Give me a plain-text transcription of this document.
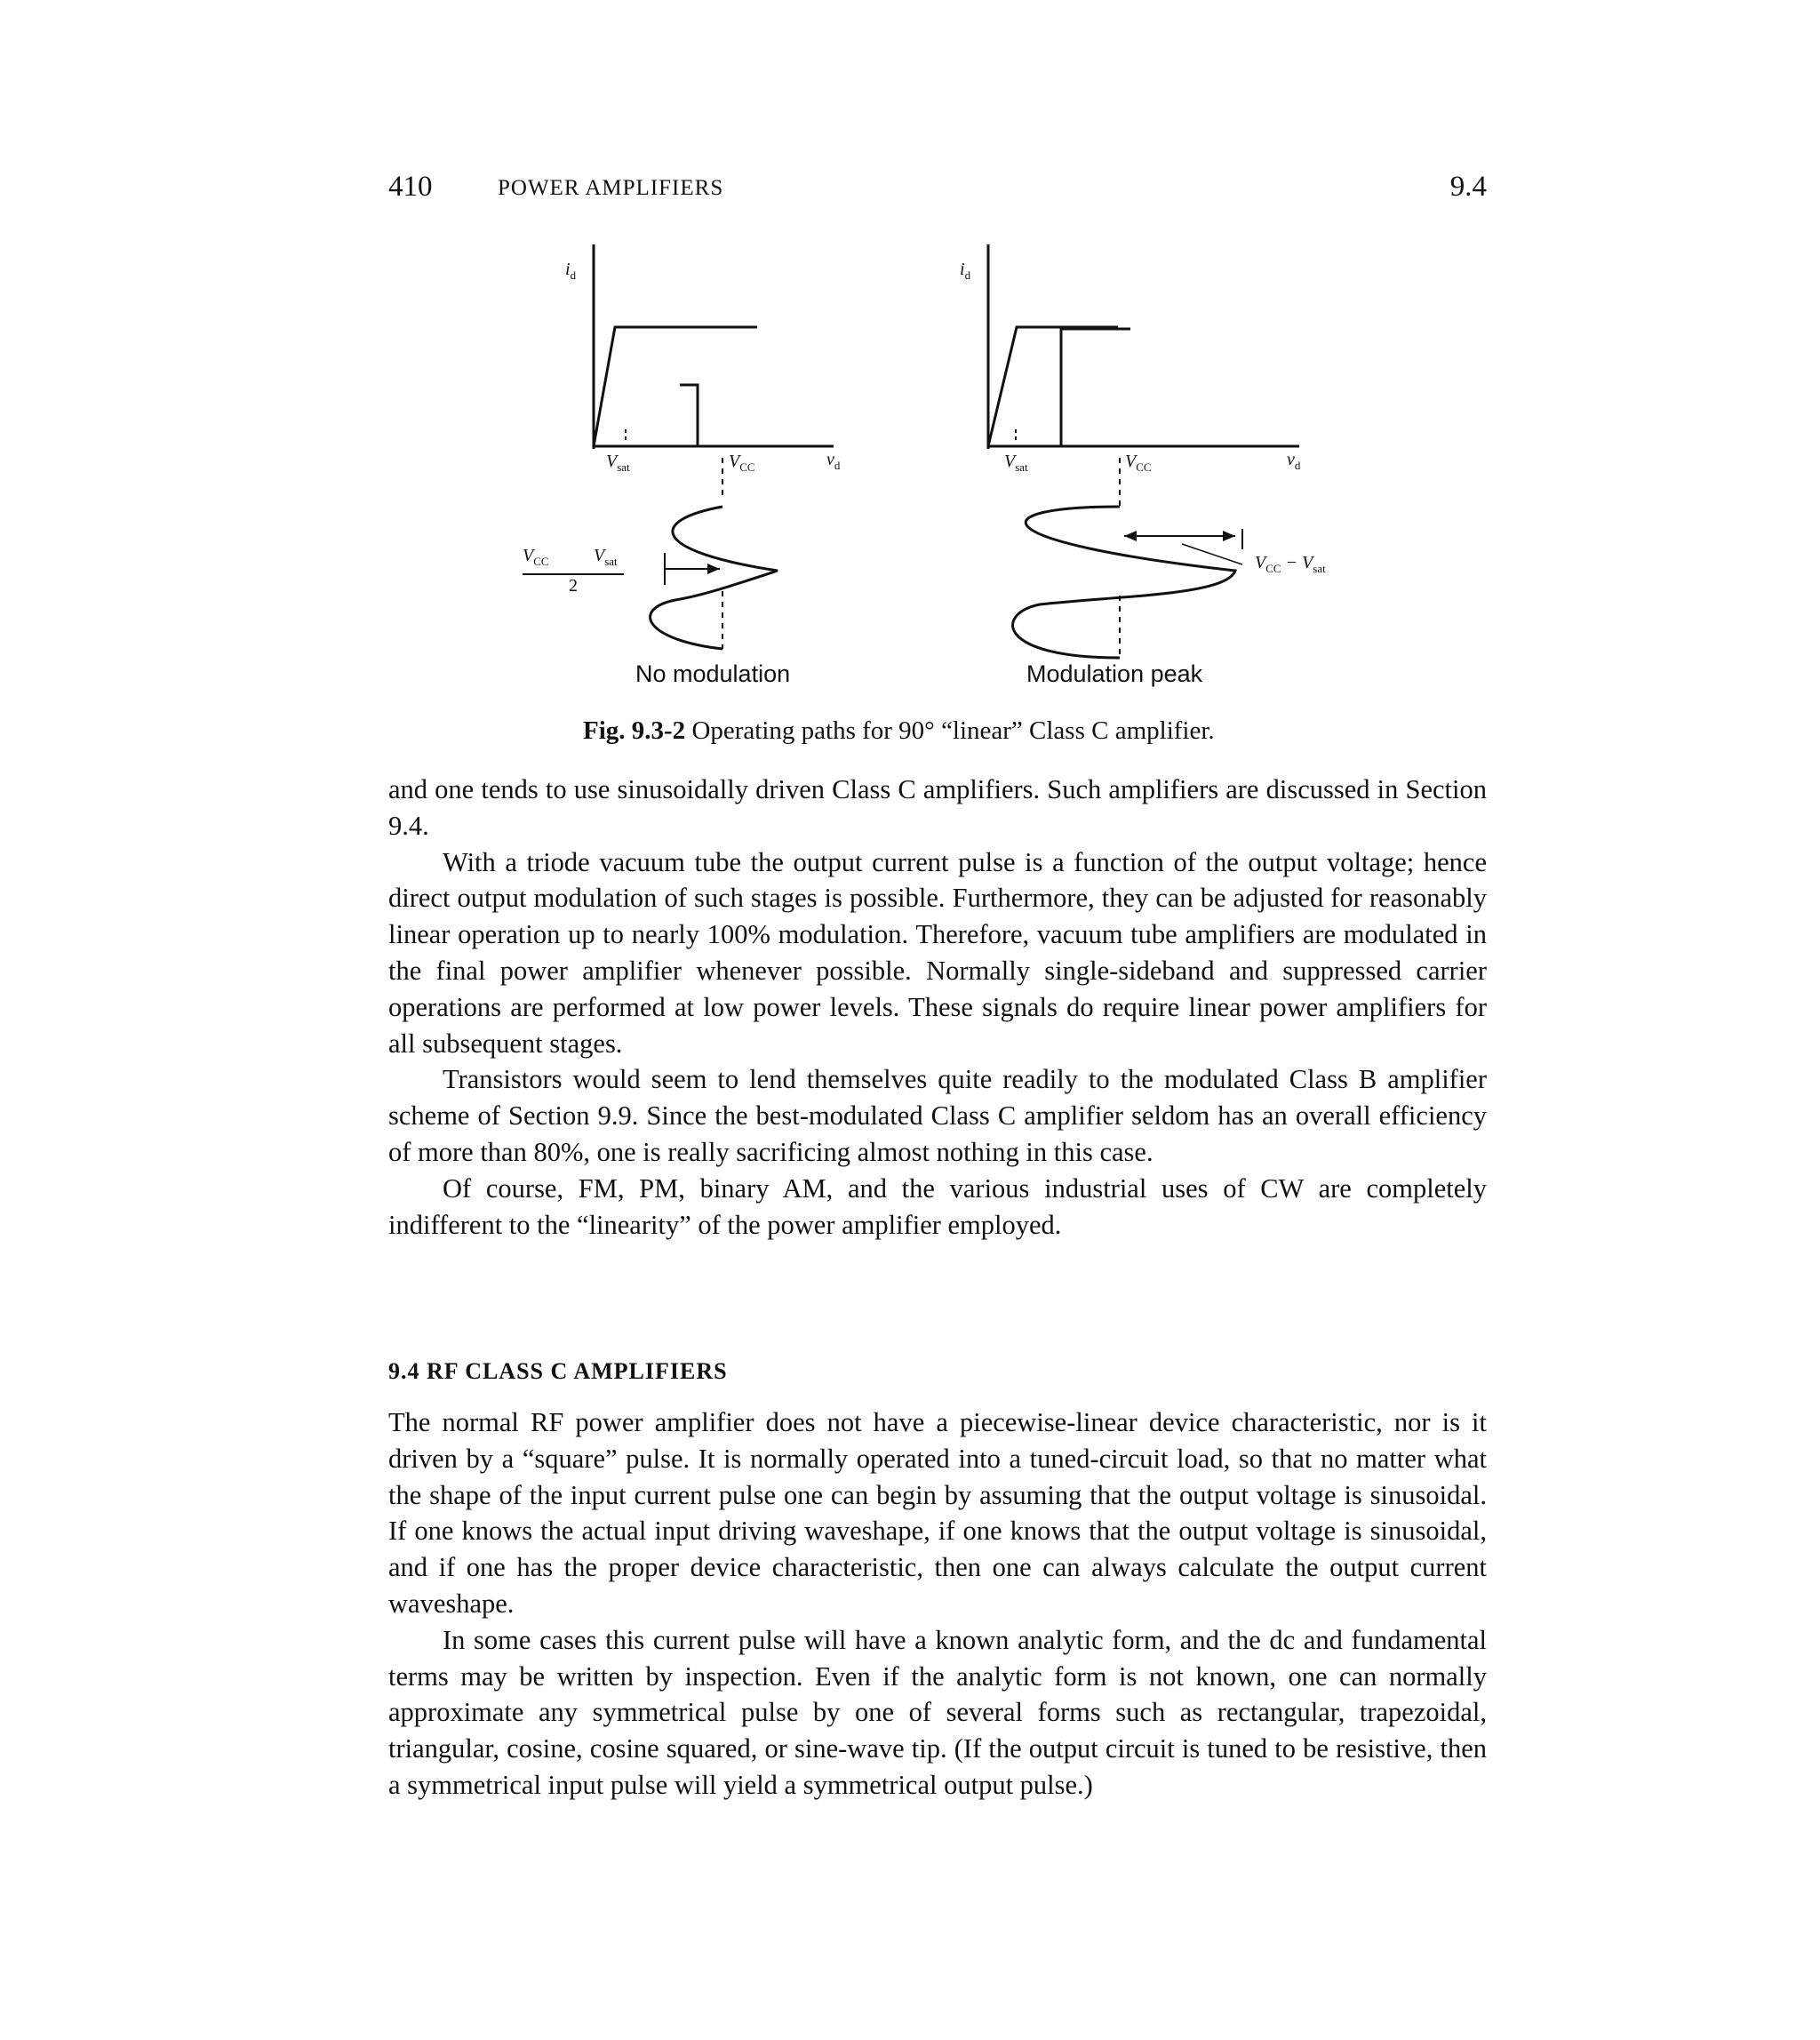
410	POWER AMPLIFIERS	9.4
$i_d$
$V_{sat}$	$V_{CC}$	$v_d$
$V_{CC}$	$V_{sat}$
2
No modulation
$i_d$
$V_{sat}$	$V_{CC}$	$v_d$
$V_{CC} - V_{sat}$
Modulation peak
Fig. 9.3-2 Operating paths for 90° “linear” Class C amplifier.

and one tends to use sinusoidally driven Class C amplifiers. Such amplifiers are discussed in Section 9.4.

With a triode vacuum tube the output current pulse is a function of the output voltage; hence direct output modulation of such stages is possible. Furthermore, they can be adjusted for reasonably linear operation up to nearly 100% modulation. Therefore, vacuum tube amplifiers are modulated in the final power amplifier whenever possible. Normally single-sideband and suppressed carrier operations are performed at low power levels. These signals do require linear power amplifiers for all subsequent stages.

Transistors would seem to lend themselves quite readily to the modulated Class B amplifier scheme of Section 9.9. Since the best-modulated Class C amplifier seldom has an overall efficiency of more than 80%, one is really sacrificing almost nothing in this case.

Of course, FM, PM, binary AM, and the various industrial uses of CW are completely indifferent to the “linearity” of the power amplifier employed.

9.4 RF CLASS C AMPLIFIERS

The normal RF power amplifier does not have a piecewise-linear device characteristic, nor is it driven by a “square” pulse. It is normally operated into a tuned-circuit load, so that no matter what the shape of the input current pulse one can begin by assuming that the output voltage is sinusoidal. If one knows the actual input driving waveshape, if one knows that the output voltage is sinusoidal, and if one has the proper device characteristic, then one can always calculate the output current waveshape.

In some cases this current pulse will have a known analytic form, and the dc and fundamental terms may be written by inspection. Even if the analytic form is not known, one can normally approximate any symmetrical pulse by one of several forms such as rectangular, trapezoidal, triangular, cosine, cosine squared, or sine-wave tip. (If the output circuit is tuned to be resistive, then a symmetrical input pulse will yield a symmetrical output pulse.)
